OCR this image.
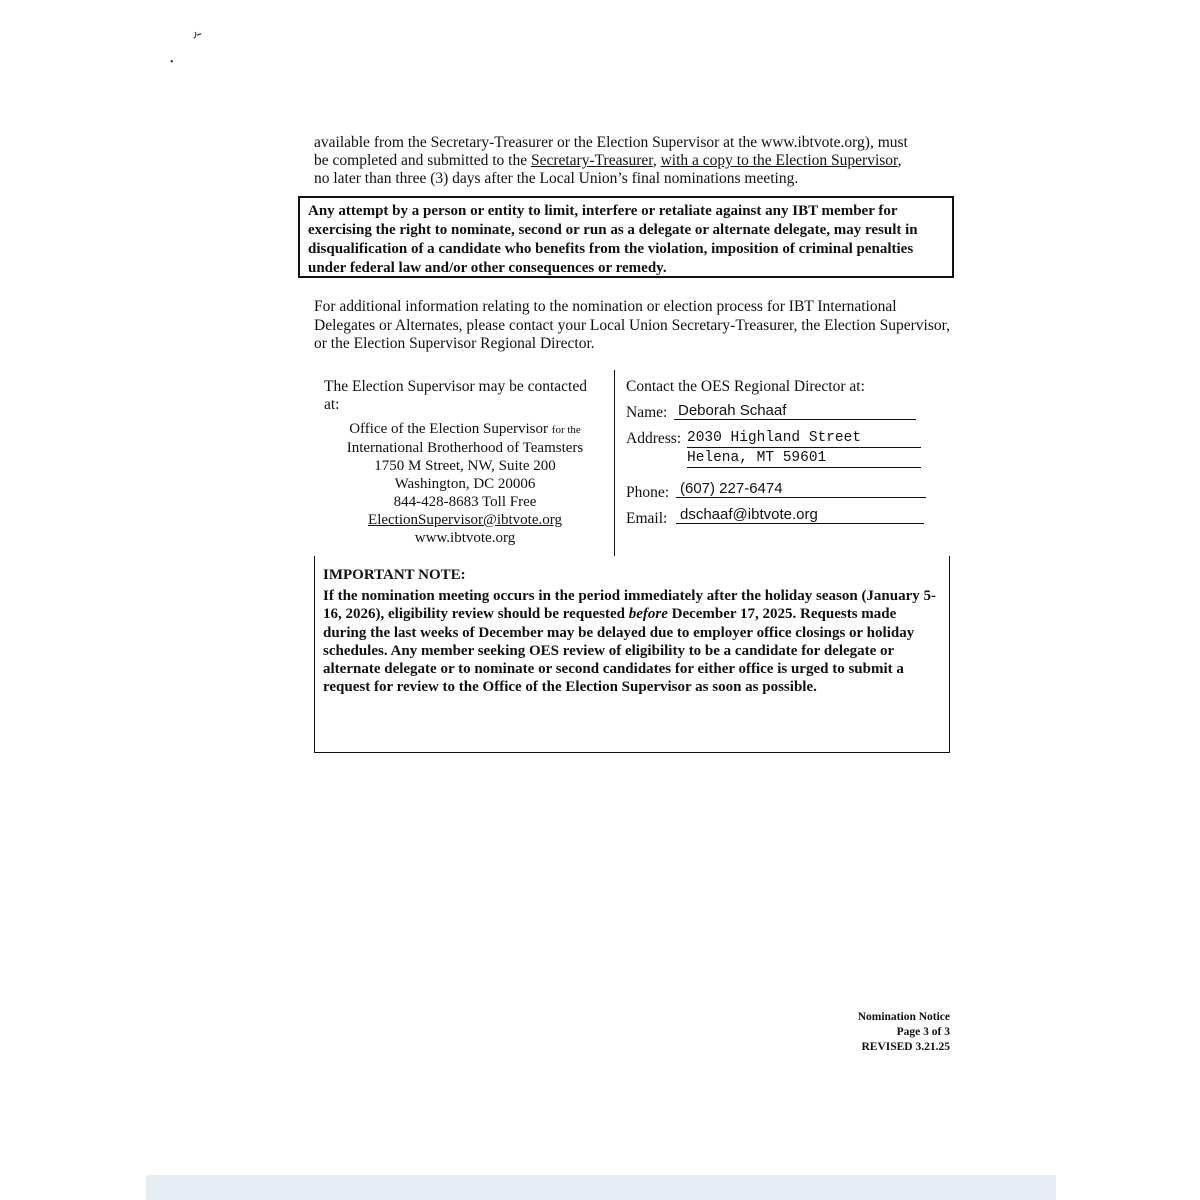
ـ٫
•
available from the Secretary-Treasurer or the Election Supervisor at the www.ibtvote.org), must
be completed and submitted to the Secretary-Treasurer, with a copy to the Election Supervisor,
no later than three (3) days after the Local Union’s final nominations meeting.
Any attempt by a person or entity to limit, interfere or retaliate against any IBT member for exercising the right to nominate, second or run as a delegate or alternate delegate, may result in disqualification of a candidate who benefits from the violation, imposition of criminal penalties under federal law and/or other consequences or remedy.
For additional information relating to the nomination or election process for IBT International Delegates or Alternates, please contact your Local Union Secretary-Treasurer, the Election Supervisor, or the Election Supervisor Regional Director.
The Election Supervisor may be contacted at:
Office of the Election Supervisor for the
International Brotherhood of Teamsters
1750 M Street, NW, Suite 200
Washington, DC 20006
844-428-8683 Toll Free
ElectionSupervisor@ibtvote.org
www.ibtvote.org
Contact the OES Regional Director at:
Name: Deborah Schaaf
Address: 2030 Highland Street
Helena, MT 59601
Phone: (607) 227-6474
Email: dschaaf@ibtvote.org
IMPORTANT NOTE:
If the nomination meeting occurs in the period immediately after the holiday season (January 5-16, 2026), eligibility review should be requested before December 17, 2025. Requests made during the last weeks of December may be delayed due to employer office closings or holiday schedules. Any member seeking OES review of eligibility to be a candidate for delegate or alternate delegate or to nominate or second candidates for either office is urged to submit a request for review to the Office of the Election Supervisor as soon as possible.
Nomination Notice
Page 3 of 3
REVISED 3.21.25
